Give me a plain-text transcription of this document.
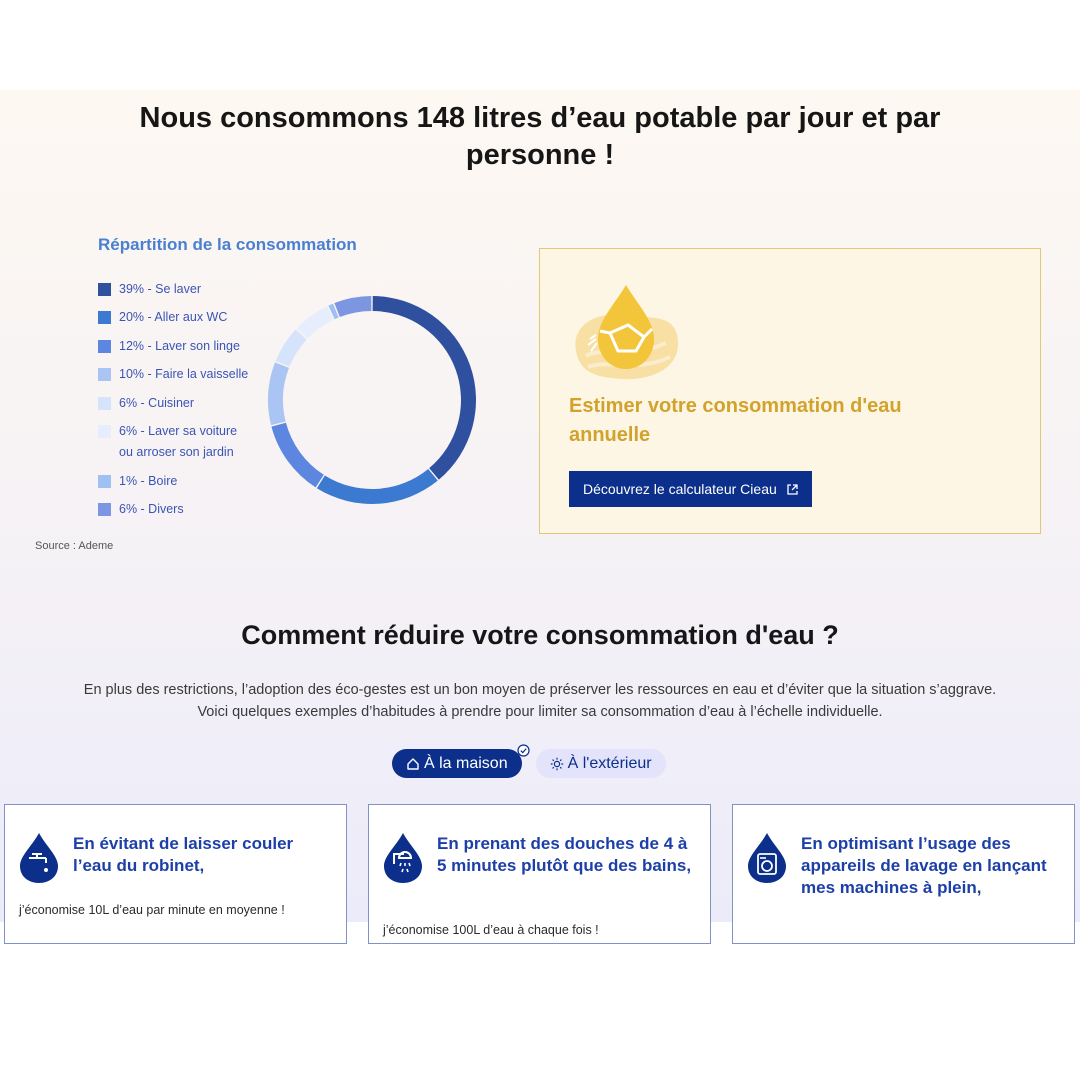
Nous consommons 148 litres d’eau potable par jour et par personne !
Répartition de la consommation
39% - Se laver
20% - Aller aux WC
12% - Laver son linge
10% - Faire la vaisselle
6% - Cuisiner
6% - Laver sa voiture ou arroser son jardin
1% - Boire
6% - Divers
Source : Ademe
Estimer votre consommation d'eau annuelle
Découvrez le calculateur Cieau
Comment réduire votre consommation d'eau ?

En plus des restrictions, l’adoption des éco-gestes est un bon moyen de préserver les ressources en eau et d’éviter que la situation s’aggrave. Voici quelques exemples d’habitudes à prendre pour limiter sa consommation d’eau à l’échelle individuelle.

À la maison	À l'extérieur
En évitant de laisser couler l’eau du robinet,

j’économise 10L d’eau par minute en moyenne !

En prenant des douches de 4 à 5 minutes plutôt que des bains,

j’économise 100L d’eau à chaque fois !

En optimisant l’usage des appareils de lavage en lançant mes machines à plein,
